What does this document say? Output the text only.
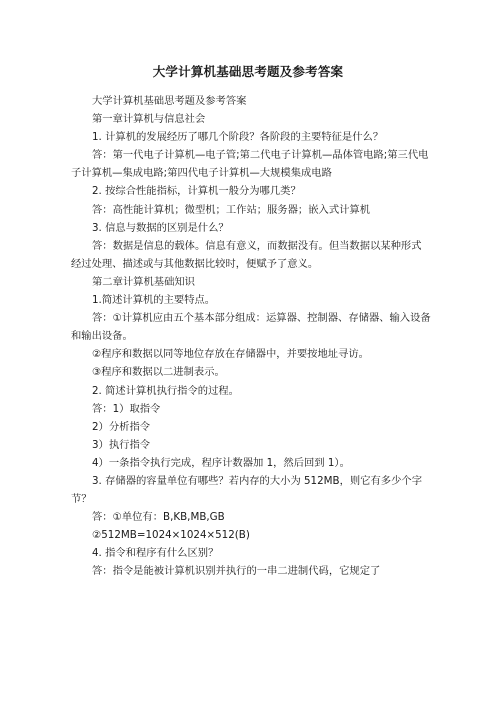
大学计算机基础思考题及参考答案

大学计算机基础思考题及参考答案

第一章计算机与信息社会

1. 计算机的发展经历了哪几个阶段？各阶段的主要特征是什么？

答：第一代电子计算机—电子管;第二代电子计算机—晶体管电路;第三代电子计算机—集成电路;第四代电子计算机—大规模集成电路

2. 按综合性能指标，计算机一般分为哪几类？

答：高性能计算机；微型机；工作站；服务器；嵌入式计算机

3. 信息与数据的区别是什么？

答：数据是信息的载体。信息有意义，而数据没有。但当数据以某种形式经过处理、描述或与其他数据比较时，便赋予了意义。

第二章计算机基础知识

1.简述计算机的主要特点。

答：①计算机应由五个基本部分组成：运算器、控制器、存储器、输入设备和输出设备。

②程序和数据以同等地位存放在存储器中，并要按地址寻访。

③程序和数据以二进制表示。

2. 简述计算机执行指令的过程。

答：1）取指令

2）分析指令

3）执行指令

4）一条指令执行完成，程序计数器加 1，然后回到 1）。

3. 存储器的容量单位有哪些？若内存的大小为 512MB，则它有多少个字节？

答：①单位有：B,KB,MB,GB

②512MB=1024×1024×512(B)

4. 指令和程序有什么区别？

答：指令是能被计算机识别并执行的一串二进制代码，它规定了
